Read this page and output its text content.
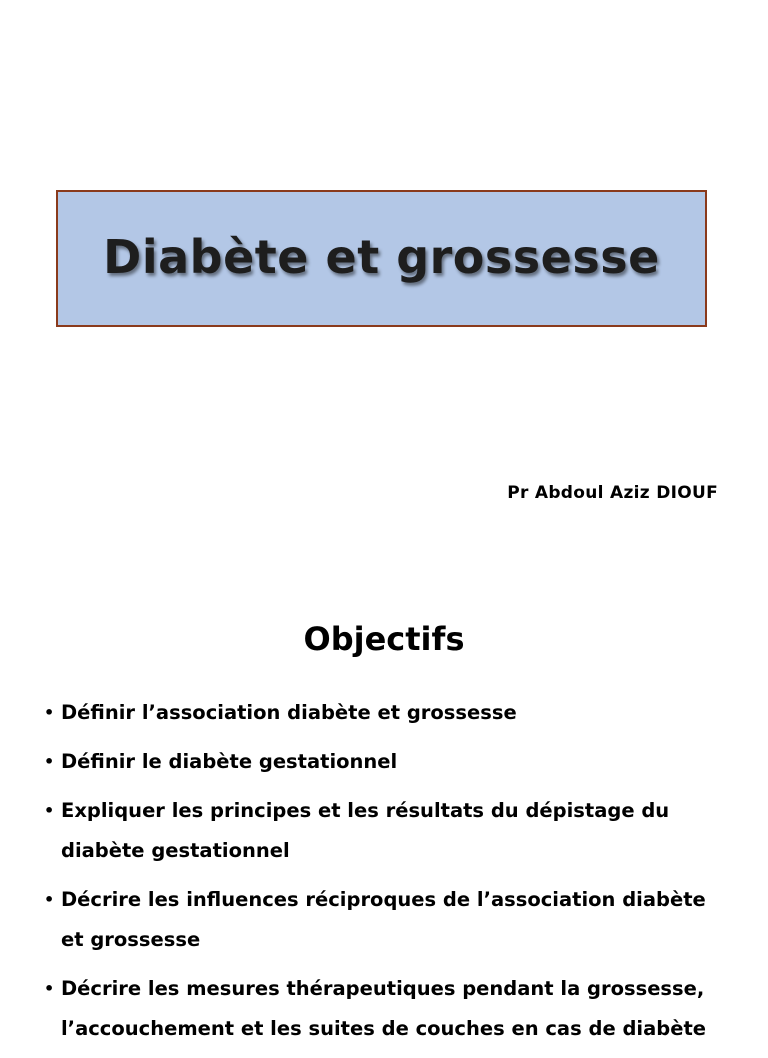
Diabète et grossesse
Pr Abdoul Aziz DIOUF
Objectifs
• Définir l’association diabète et grossesse
• Définir le diabète gestationnel
• Expliquer les principes et les résultats du dépistage du diabète gestationnel
• Décrire les influences réciproques de l’association diabète et grossesse
• Décrire les mesures thérapeutiques pendant la grossesse, l’accouchement et les suites de couches en cas de diabète
